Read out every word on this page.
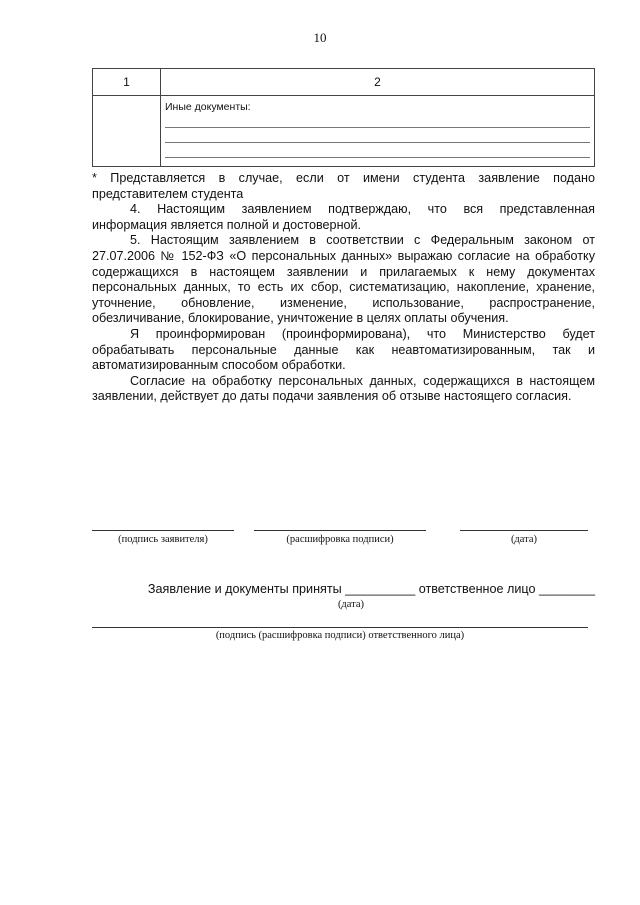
10
1	2

	Иные документы:

* Представляется в случае, если от имени студента заявление подано представителем студента

4. Настоящим заявлением подтверждаю, что вся представленная информация является полной и достоверной.

5. Настоящим заявлением в соответствии с Федеральным законом от 27.07.2006 № 152-ФЗ «О персональных данных» выражаю согласие на обработку содержащихся в настоящем заявлении и прилагаемых к нему документах персональных данных, то есть их сбор, систематизацию, накопление, хранение, уточнение, обновление, изменение, использование, распространение, обезличивание, блокирование, уничтожение в целях оплаты обучения.

Я проинформирован (проинформирована), что Министерство будет обрабатывать персональные данные как неавтоматизированным, так и автоматизированным способом обработки.

Согласие на обработку персональных данных, содержащихся в настоящем заявлении, действует до даты подачи заявления об отзыве настоящего согласия.

(подпись заявителя)	(расшифровка подписи)	(дата)
Заявление и документы приняты __________ ответственное лицо ________
(дата)
(подпись (расшифровка подписи) ответственного лица)
